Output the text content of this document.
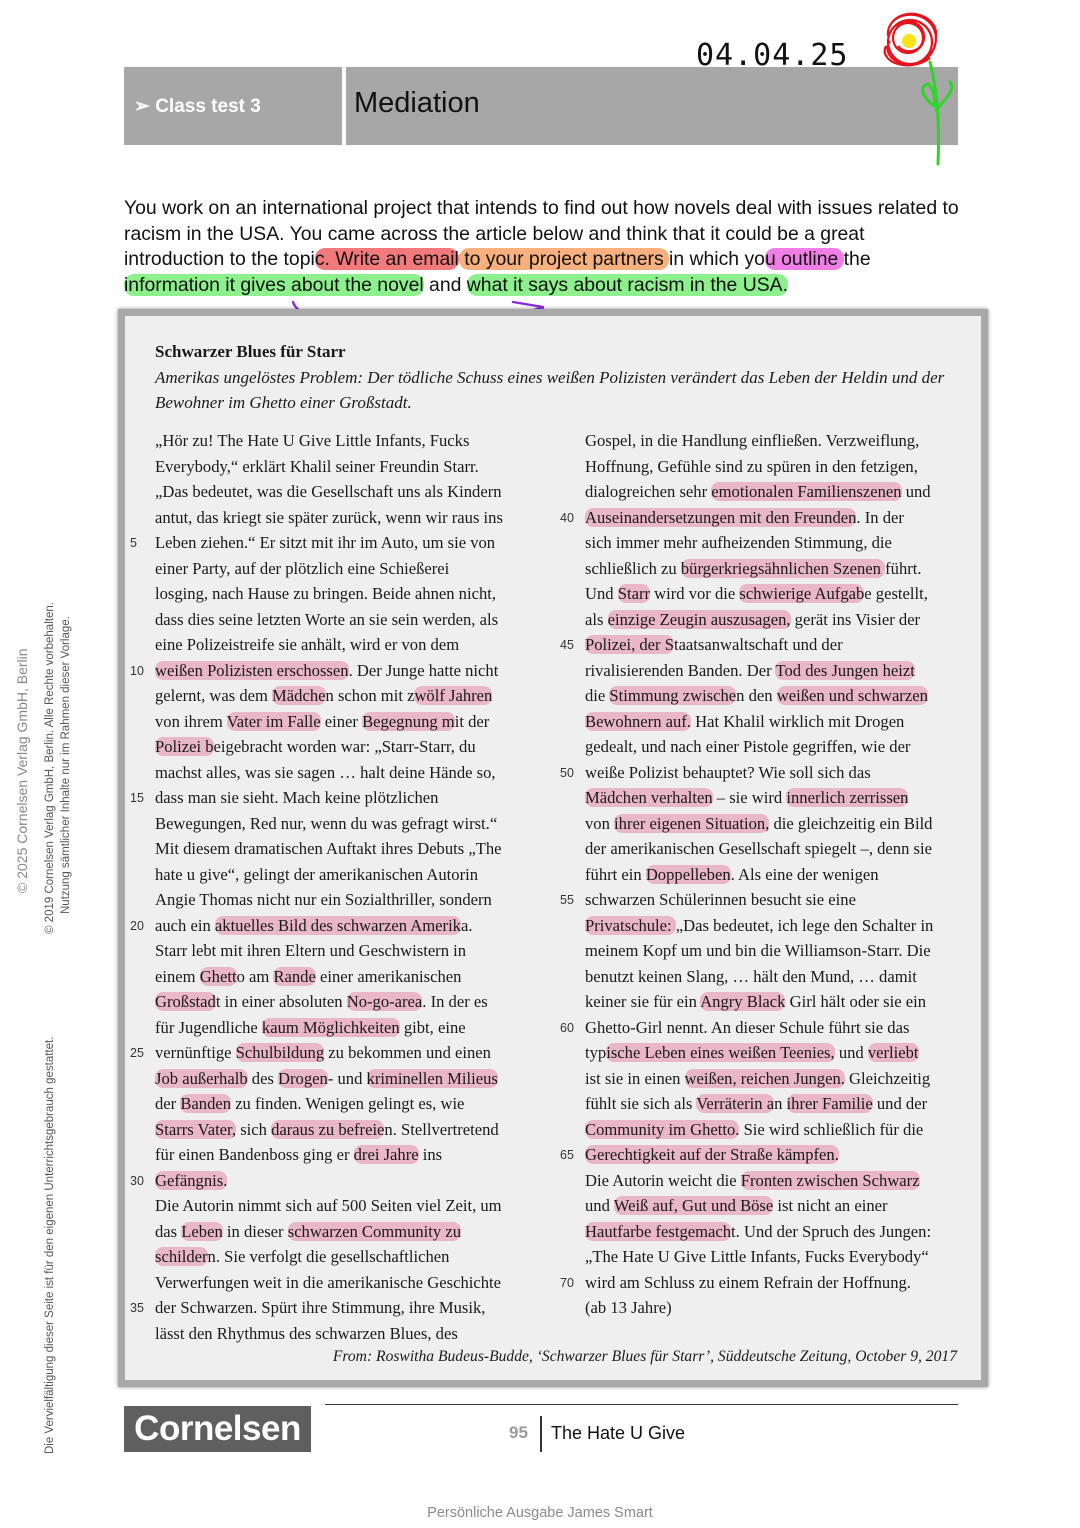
➢ Class test 3	Mediation
04.04.25
You work on an international project that intends to find out how novels deal with issues related to racism in the USA. You came across the article below and think that it could be a great introduction to the topic. Write an email to your project partners in which you outline the information it gives about the novel and what it says about racism in the USA.
Schwarzer Blues für Starr
Amerikas ungelöstes Problem: Der tödliche Schuss eines weißen Polizisten verändert das Leben der Heldin und der Bewohner im Ghetto einer Großstadt.
„Hör zu! The Hate U Give Little Infants, Fucks
Everybody,“ erklärt Khalil seiner Freundin Starr.
„Das bedeutet, was die Gesellschaft uns als Kindern
antut, das kriegt sie später zurück, wenn wir raus ins
5 Leben ziehen.“ Er sitzt mit ihr im Auto, um sie von
einer Party, auf der plötzlich eine Schießerei
losging, nach Hause zu bringen. Beide ahnen nicht,
dass dies seine letzten Worte an sie sein werden, als
eine Polizeistreife sie anhält, wird er von dem
10 weißen Polizisten erschossen. Der Junge hatte nicht
gelernt, was dem Mädchen schon mit zwölf Jahren
von ihrem Vater im Falle einer Begegnung mit der
Polizei beigebracht worden war: „Starr-Starr, du
machst alles, was sie sagen … halt deine Hände so,
15 dass man sie sieht. Mach keine plötzlichen
Bewegungen, Red nur, wenn du was gefragt wirst.“
Mit diesem dramatischen Auftakt ihres Debuts „The
hate u give“, gelingt der amerikanischen Autorin
Angie Thomas nicht nur ein Sozialthriller, sondern
20 auch ein aktuelles Bild des schwarzen Amerika.
Starr lebt mit ihren Eltern und Geschwistern in
einem Ghetto am Rande einer amerikanischen
Großstadt in einer absoluten No-go-area. In der es
für Jugendliche kaum Möglichkeiten gibt, eine
25 vernünftige Schulbildung zu bekommen und einen
Job außerhalb des Drogen- und kriminellen Milieus
der Banden zu finden. Wenigen gelingt es, wie
Starrs Vater, sich daraus zu befreien. Stellvertretend
für einen Bandenboss ging er drei Jahre ins
30 Gefängnis.
Die Autorin nimmt sich auf 500 Seiten viel Zeit, um
das Leben in dieser schwarzen Community zu
schildern. Sie verfolgt die gesellschaftlichen
Verwerfungen weit in die amerikanische Geschichte
35 der Schwarzen. Spürt ihre Stimmung, ihre Musik,
lässt den Rhythmus des schwarzen Blues, des
Gospel, in die Handlung einfließen. Verzweiflung,
Hoffnung, Gefühle sind zu spüren in den fetzigen,
dialogreichen sehr emotionalen Familienszenen und
40 Auseinandersetzungen mit den Freunden. In der
sich immer mehr aufheizenden Stimmung, die
schließlich zu bürgerkriegsähnlichen Szenen führt.
Und Starr wird vor die schwierige Aufgabe gestellt,
als einzige Zeugin auszusagen, gerät ins Visier der
45 Polizei, der Staatsanwaltschaft und der
rivalisierenden Banden. Der Tod des Jungen heizt
die Stimmung zwischen den weißen und schwarzen
Bewohnern auf. Hat Khalil wirklich mit Drogen
gedealt, und nach einer Pistole gegriffen, wie der
50 weiße Polizist behauptet? Wie soll sich das
Mädchen verhalten – sie wird innerlich zerrissen
von ihrer eigenen Situation, die gleichzeitig ein Bild
der amerikanischen Gesellschaft spiegelt –, denn sie
führt ein Doppelleben. Als eine der wenigen
55 schwarzen Schülerinnen besucht sie eine
Privatschule: „Das bedeutet, ich lege den Schalter in
meinem Kopf um und bin die Williamson-Starr. Die
benutzt keinen Slang, … hält den Mund, … damit
keiner sie für ein Angry Black Girl hält oder sie ein
60 Ghetto-Girl nennt. An dieser Schule führt sie das
typische Leben eines weißen Teenies, und verliebt
ist sie in einen weißen, reichen Jungen. Gleichzeitig
fühlt sie sich als Verräterin an ihrer Familie und der
Community im Ghetto. Sie wird schließlich für die
65 Gerechtigkeit auf der Straße kämpfen.
Die Autorin weicht die Fronten zwischen Schwarz
und Weiß auf, Gut und Böse ist nicht an einer
Hautfarbe festgemacht. Und der Spruch des Jungen:
„The Hate U Give Little Infants, Fucks Everybody“
70 wird am Schluss zu einem Refrain der Hoffnung.
(ab 13 Jahre)
From: Roswitha Budeus-Budde, ‘Schwarzer Blues für Starr’, Süddeutsche Zeitung, October 9, 2017
Cornelsen	95 The Hate U Give
Persönliche Ausgabe James Smart
© 2025 Cornelsen Verlag GmbH, Berlin © 2019 Cornelsen Verlag GmbH, Berlin. Alle Rechte vorbehalten. Nutzung sämtlicher Inhalte nur im Rahmen dieser Vorlage.
Die Vervielfältigung dieser Seite ist für den eigenen Unterrichtsgebrauch gestattet.
